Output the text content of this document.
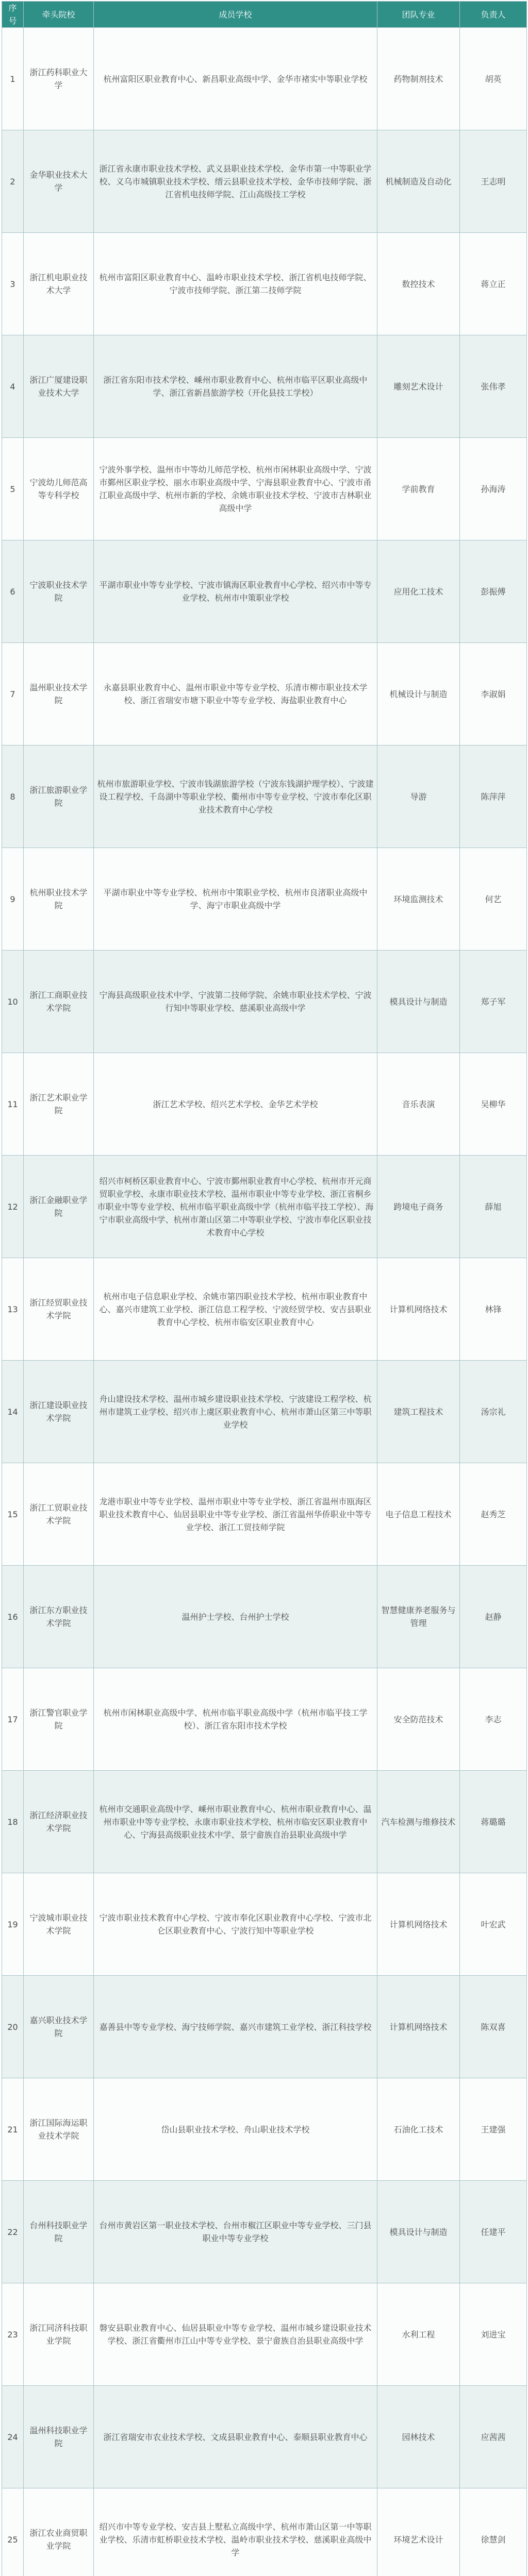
序号	牵头院校	成员学校	团队专业	负责人
1	浙江药科职业大学	杭州富阳区职业教育中心、新昌职业高级中学、金华市褚实中等职业学校	药物制剂技术	胡英
2	金华职业技术大学	浙江省永康市职业技术学校、武义县职业技术学校、金华市第一中等职业学校、义乌市城镇职业技术学校、缙云县职业技术学校、金华市技师学院、浙江省机电技师学院、江山高级技工学校	机械制造及自动化	王志明
3	浙江机电职业技术大学	杭州市富阳区职业教育中心、温岭市职业技术学校、浙江省机电技师学院、宁波市技师学院、浙江第二技师学院	数控技术	蒋立正
4	浙江广厦建设职业技术大学	浙江省东阳市技术学校、嵊州市职业教育中心、杭州市临平区职业高级中学、浙江省新昌旅游学校（开化县技工学校）	雕刻艺术设计	张伟孝
5	宁波幼儿师范高等专科学校	宁波外事学校、温州市中等幼儿师范学校、杭州市闲林职业高级中学、宁波市鄞州区职业学校、丽水市职业高级中学、宁海县职业教育中心、宁波市甬江职业高级中学、杭州市新的学校、余姚市职业技术学校、宁波市吉林职业高级中学	学前教育	孙海涛
6	宁波职业技术学院	平湖市职业中等专业学校、宁波市镇海区职业教育中心学校、绍兴市中等专业学校、杭州市中策职业学校	应用化工技术	彭振傅
7	温州职业技术学院	永嘉县职业教育中心、温州市职业中等专业学校、乐清市柳市职业技术学校、浙江省瑞安市塘下职业中等专业学校、海盐职业教育中心	机械设计与制造	李淑娟
8	浙江旅游职业学院	杭州市旅游职业学校、宁波市钱湖旅游学校（宁波东钱湖护理学校）、宁波建设工程学校、千岛湖中等职业学校、衢州市中等专业学校、宁波市奉化区职业技术教育中心学校	导游	陈萍萍
9	杭州职业技术学院	平湖市职业中等专业学校、杭州市中策职业学校、杭州市良渚职业高级中学、海宁市职业高级中学	环境监测技术	何艺
10	浙江工商职业技术学院	宁海县高级职业技术中学、宁波第二技师学院、余姚市职业技术学校、宁波行知中等职业学校、慈溪职业高级中学	模具设计与制造	郑子军
11	浙江艺术职业学院	浙江艺术学校、绍兴艺术学校、金华艺术学校	音乐表演	吴柳华
12	浙江金融职业学院	绍兴市柯桥区职业教育中心、宁波市鄞州职业教育中心学校、杭州市开元商贸职业学校、永康市职业技术学校、温州市职业中等专业学校、浙江省桐乡市职业中等专业学校、杭州市临平职业高级中学（杭州市临平技工学校）、海宁市职业高级中学、杭州市萧山区第二中等职业学校、宁波市奉化区职业技术教育中心学校	跨境电子商务	薛旭
13	浙江经贸职业技术学院	杭州市电子信息职业学校、余姚市第四职业技术学校、杭州市职业教育中心、嘉兴市建筑工业学校、浙江信息工程学校、宁波经贸学校、安吉县职业教育中心学校、杭州市临安区职业教育中心	计算机网络技术	林锋
14	浙江建设职业技术学院	舟山建设技术学校、温州市城乡建设职业技术学校、宁波建设工程学校、杭州市建筑工业学校、绍兴市上虞区职业教育中心、杭州市萧山区第三中等职业学校	建筑工程技术	汤宗礼
15	浙江工贸职业技术学院	龙港市职业中等专业学校、温州市职业中等专业学校、浙江省温州市瓯海区职业技术教育中心、仙居县职业中等专业学校、浙江省温州华侨职业中等专业学校、浙江工贸技师学院	电子信息工程技术	赵秀芝
16	浙江东方职业技术学院	温州护士学校、台州护士学校	智慧健康养老服务与管理	赵静
17	浙江警官职业学院	杭州市闲林职业高级中学、杭州市临平职业高级中学（杭州市临平技工学校）、浙江省东阳市技术学校	安全防范技术	李志
18	浙江经济职业技术学院	杭州市交通职业高级中学、嵊州市职业教育中心、杭州市职业教育中心、温州市职业中等专业学校、永康市职业技术学校、杭州市临安区职业教育中心、宁海县高级职业技术中学、景宁畲族自治县职业高级中学	汽车检测与维修技术	蒋璐璐
19	宁波城市职业技术学院	宁波市职业技术教育中心学校、宁波市奉化区职业教育中心学校、宁波市北仑区职业教育中心、宁波行知中等职业学校	计算机网络技术	叶宏武
20	嘉兴职业技术学院	嘉善县中等专业学校、海宁技师学院、嘉兴市建筑工业学校、浙江科技学校	计算机网络技术	陈双喜
21	浙江国际海运职业技术学院	岱山县职业技术学校、舟山职业技术学校	石油化工技术	王建强
22	台州科技职业学院	台州市黄岩区第一职业技术学校、台州市椒江区职业中等专业学校、三门县职业中等专业学校	模具设计与制造	任建平
23	浙江同济科技职业学院	磐安县职业教育中心、仙居县职业中等专业学校、温州市城乡建设职业技术学校、浙江省衢州市江山中等专业学校、景宁畲族自治县职业高级中学	水利工程	刘进宝
24	温州科技职业学院	浙江省瑞安市农业技术学校、文成县职业教育中心、泰顺县职业教育中心	园林技术	应茜茜
25	浙江农业商贸职业学院	绍兴市中等专业学校、安吉县上墅私立高级中学、杭州市萧山区第一中等职业学校、乐清市虹桥职业技术学校、温岭市职业技术学校、慈溪职业高级中学	环境艺术设计	徐慧剑
